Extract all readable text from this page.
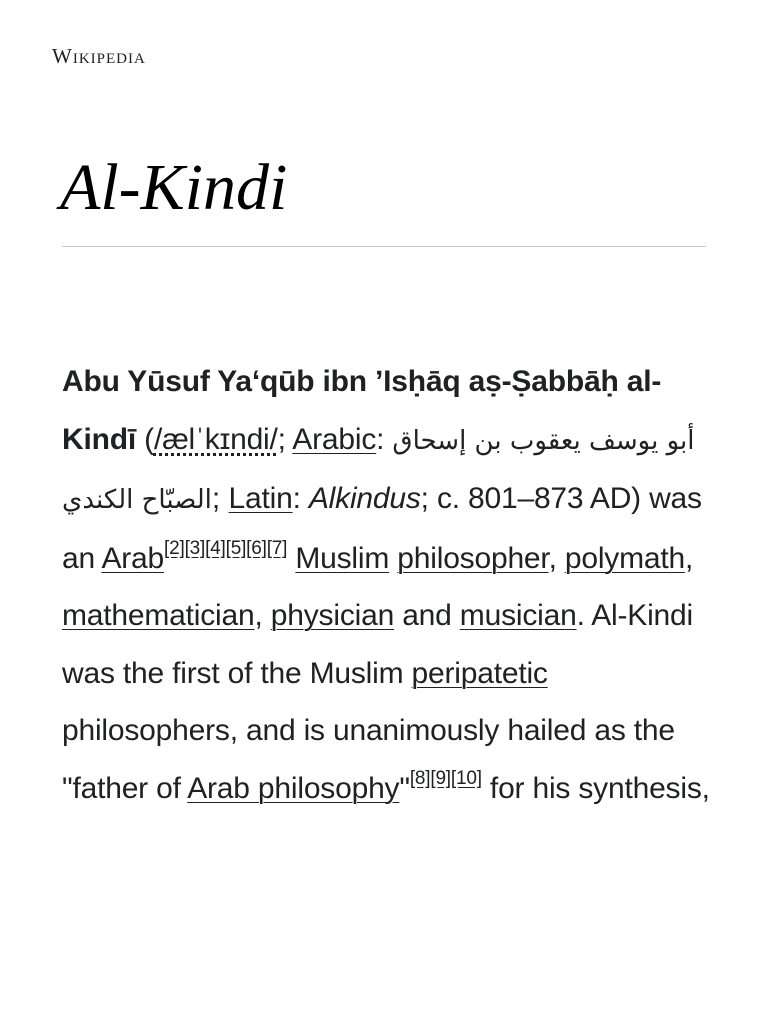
Wikipedia
Al-Kindi

Abu Yūsuf Yaʻqūb ibn ʼIsḥāq aṣ-Ṣabbāḥ al-Kindī (/ælˈkɪndi/; Arabic: أبو يوسف يعقوب بن إسحاق الصبّاح الكندي; Latin: Alkindus; c. 801–873 AD) was an Arab[2][3][4][5][6][7] Muslim philosopher, polymath, mathematician, physician and musician. Al-Kindi was the first of the Muslim peripatetic philosophers, and is unanimously hailed as the "father of Arab philosophy"[8][9][10] for his synthesis,
